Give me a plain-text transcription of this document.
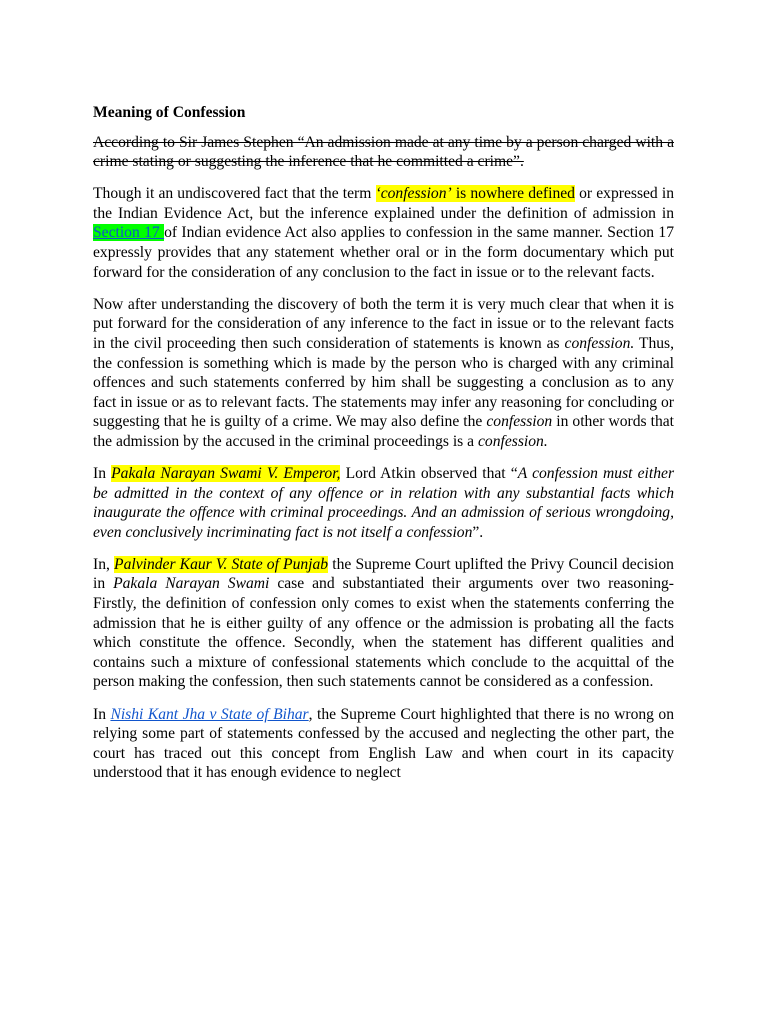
Meaning of Confession

According to Sir James Stephen “An admission made at any time by a person charged with a crime stating or suggesting the inference that he committed a crime”.

Though it an undiscovered fact that the term ‘confession’ is nowhere defined or expressed in the Indian Evidence Act, but the inference explained under the definition of admission in Section 17 of Indian evidence Act also applies to confession in the same manner. Section 17 expressly provides that any statement whether oral or in the form documentary which put forward for the consideration of any conclusion to the fact in issue or to the relevant facts.

Now after understanding the discovery of both the term it is very much clear that when it is put forward for the consideration of any inference to the fact in issue or to the relevant facts in the civil proceeding then such consideration of statements is known as confession. Thus, the confession is something which is made by the person who is charged with any criminal offences and such statements conferred by him shall be suggesting a conclusion as to any fact in issue or as to relevant facts. The statements may infer any reasoning for concluding or suggesting that he is guilty of a crime. We may also define the confession in other words that the admission by the accused in the criminal proceedings is a confession.

In Pakala Narayan Swami V. Emperor, Lord Atkin observed that “A confession must either be admitted in the context of any offence or in relation with any substantial facts which inaugurate the offence with criminal proceedings. And an admission of serious wrongdoing, even conclusively incriminating fact is not itself a confession”.

In, Palvinder Kaur V. State of Punjab the Supreme Court uplifted the Privy Council decision in Pakala Narayan Swami case and substantiated their arguments over two reasoning- Firstly, the definition of confession only comes to exist when the statements conferring the admission that he is either guilty of any offence or the admission is probating all the facts which constitute the offence. Secondly, when the statement has different qualities and contains such a mixture of confessional statements which conclude to the acquittal of the person making the confession, then such statements cannot be considered as a confession.

In Nishi Kant Jha v State of Bihar, the Supreme Court highlighted that there is no wrong on relying some part of statements confessed by the accused and neglecting the other part, the court has traced out this concept from English Law and when court in its capacity understood that it has enough evidence to neglect
